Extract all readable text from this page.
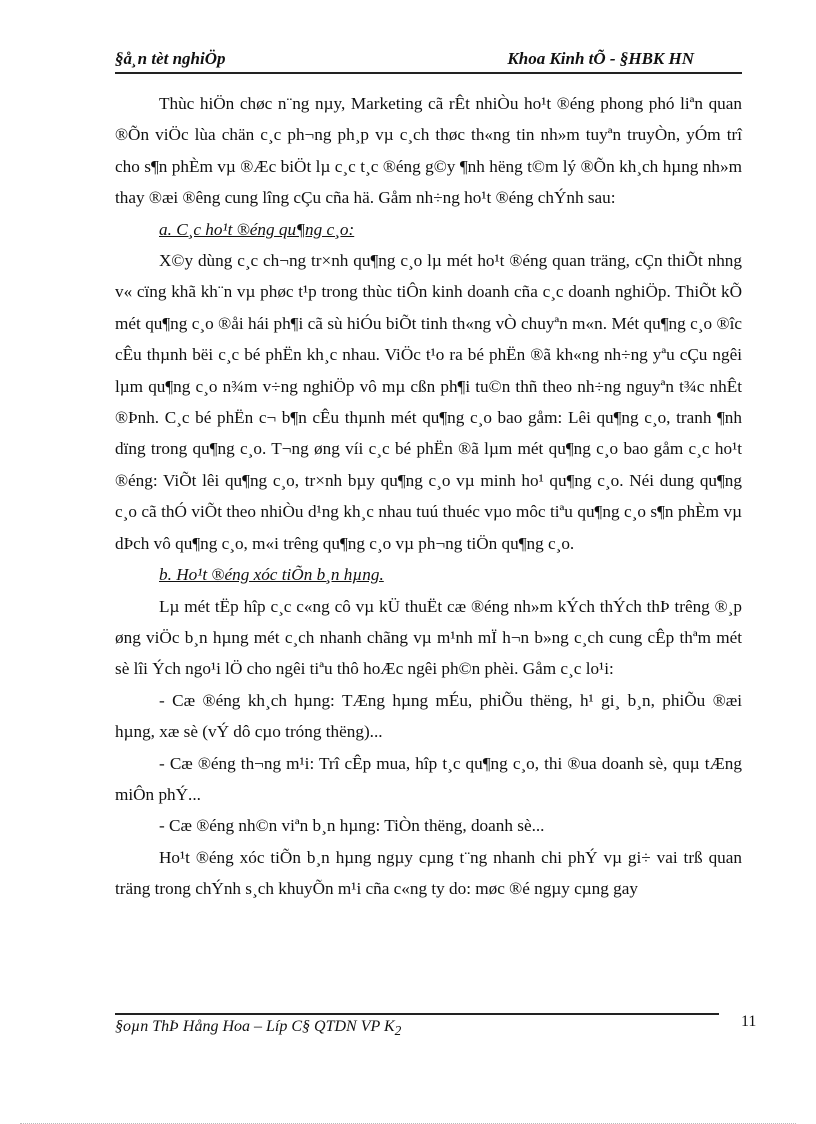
§å¸n tèt nghiÖp	Khoa Kinh tÕ - §HBK HN

Thùc hiÖn chøc n¨ng nµy, Marketing cã rÊt nhiÒu ho¹t ®éng phong phó liªn quan ®Õn viÖc lùa chän c¸c ph¬ng ph¸p vµ c¸ch thøc th«ng tin nh»m tuyªn truyÒn, yÓm trî cho s¶n phÈm vµ ®Æc biÖt lµ c¸c t¸c ®éng g©y ¶nh hëng t©m lý ®Õn kh¸ch hµng nh»m thay ®æi ®êng cung lîng cÇu cña hä. Gåm nh÷ng ho¹t ®éng chÝnh sau:

a. C¸c ho¹t ®éng qu¶ng c¸o:

X©y dùng c¸c ch¬ng tr×nh qu¶ng c¸o lµ mét ho¹t ®éng quan träng, cÇn thiÕt nhng v« cïng khã kh¨n vµ phøc t¹p trong thùc tiÔn kinh doanh cña c¸c doanh nghiÖp. ThiÕt kÕ mét qu¶ng c¸o ®åi hái ph¶i cã sù hiÓu biÕt tinh th«ng vÒ chuyªn m«n. Mét qu¶ng c¸o ®îc cÊu thµnh bëi c¸c bé phËn kh¸c nhau. ViÖc t¹o ra bé phËn ®ã kh«ng nh÷ng yªu cÇu ngêi lµm qu¶ng c¸o n¾m v÷ng nghiÖp vô mµ cßn ph¶i tu©n thñ theo nh÷ng nguyªn t¾c nhÊt ®Þnh. C¸c bé phËn c¬ b¶n cÊu thµnh mét qu¶ng c¸o bao gåm: Lêi qu¶ng c¸o, tranh ¶nh dïng trong qu¶ng c¸o. T¬ng øng víi c¸c bé phËn ®ã lµm mét qu¶ng c¸o bao gåm c¸c ho¹t ®éng: ViÕt lêi qu¶ng c¸o, tr×nh bµy qu¶ng c¸o vµ minh ho¹ qu¶ng c¸o. Néi dung qu¶ng c¸o cã thÓ viÕt theo nhiÒu d¹ng kh¸c nhau tuú thuéc vµo môc tiªu qu¶ng c¸o s¶n phÈm vµ dÞch vô qu¶ng c¸o, m«i trêng qu¶ng c¸o vµ ph¬ng tiÖn qu¶ng c¸o.

b. Ho¹t ®éng xóc tiÕn b¸n hµng.

Lµ mét tËp hîp c¸c c«ng cô vµ kÜ thuËt cæ ®éng nh»m kÝch thÝch thÞ trêng ®¸p øng viÖc b¸n hµng mét c¸ch nhanh chãng vµ m¹nh mÏ h¬n b»ng c¸ch cung cÊp thªm mét sè lîi Ých ngo¹i lÖ cho ngêi tiªu thô hoÆc ngêi ph©n phèi. Gåm c¸c lo¹i:

- Cæ ®éng kh¸ch hµng: TÆng hµng mÉu, phiÕu thëng, h¹ gi¸ b¸n, phiÕu ®æi hµng, xæ sè (vÝ dô cµo tróng thëng)...

- Cæ ®éng th¬ng m¹i: Trî cÊp mua, hîp t¸c qu¶ng c¸o, thi ®ua doanh sè, quµ tÆng miÔn phÝ...

- Cæ ®éng nh©n viªn b¸n hµng: TiÒn thëng, doanh sè...

Ho¹t ®éng xóc tiÕn b¸n hµng ngµy cµng t¨ng nhanh chi phÝ vµ gi÷ vai trß quan träng trong chÝnh s¸ch khuyÕn m¹i cña c«ng ty do: møc ®é ngµy cµng gay

§oµn ThÞ Hång Hoa – Líp C§ QTDN VP $K_2$
11
